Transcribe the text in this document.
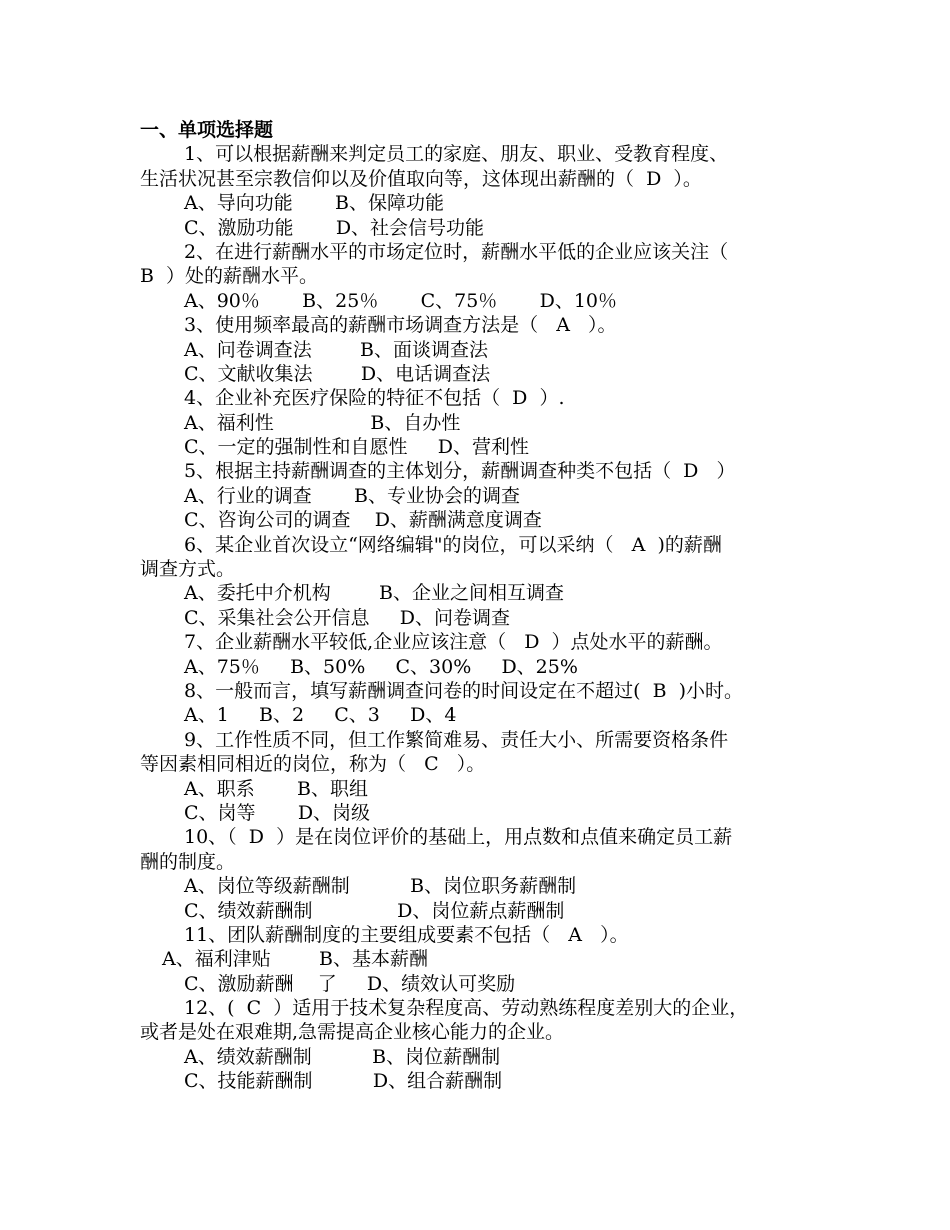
一、单项选择题
1、可以根据薪酬来判定员工的家庭、朋友、职业、受教育程度、
生活状况甚至宗教信仰以及价值取向等，这体现出薪酬的（  D  ）。
A、导向功能       B、保障功能
C、激励功能       D、社会信号功能
2、在进行薪酬水平的市场定位时，薪酬水平低的企业应该关注（
B  ）处的薪酬水平。
A、90％       B、25％       C、75％       D、10％
3、使用频率最高的薪酬市场调查方法是（   A   ）。
A、问卷调查法        B、面谈调查法
C、文献收集法        D、电话调查法
4、企业补充医疗保险的特征不包括（  D  ）.
A、福利性                B、自办性
C、一定的强制性和自愿性     D、营利性
5、根据主持薪酬调查的主体划分，薪酬调查种类不包括（  D   ）
A、行业的调查       B、专业协会的调查
C、咨询公司的调查    D、薪酬满意度调查
6、某企业首次设立“网络编辑"的岗位，可以采纳（   A  )的薪酬
调查方式。
A、委托中介机构        B、企业之间相互调查
C、采集社会公开信息     D、问卷调查
7、企业薪酬水平较低,企业应该注意（   D  ）点处水平的薪酬。
A、75％     B、50%     C、30%     D、25%
8、一般而言，填写薪酬调查问卷的时间设定在不超过(  B  )小时。
A、1     B、2     C、3     D、4
9、工作性质不同，但工作繁简难易、责任大小、所需要资格条件
等因素相同相近的岗位，称为（   C   ）。
A、职系       B、职组
C、岗等       D、岗级
10、（  D  ）是在岗位评价的基础上，用点数和点值来确定员工薪
酬的制度。
A、岗位等级薪酬制          B、岗位职务薪酬制
C、绩效薪酬制              D、岗位薪点薪酬制
11、团队薪酬制度的主要组成要素不包括（   A   ）。
A、福利津贴        B、基本薪酬
C、激励薪酬    了     D、绩效认可奖励
12、(  C  ）适用于技术复杂程度高、劳动熟练程度差别大的企业，
或者是处在艰难期,急需提高企业核心能力的企业。
A、绩效薪酬制          B、岗位薪酬制
C、技能薪酬制          D、组合薪酬制
